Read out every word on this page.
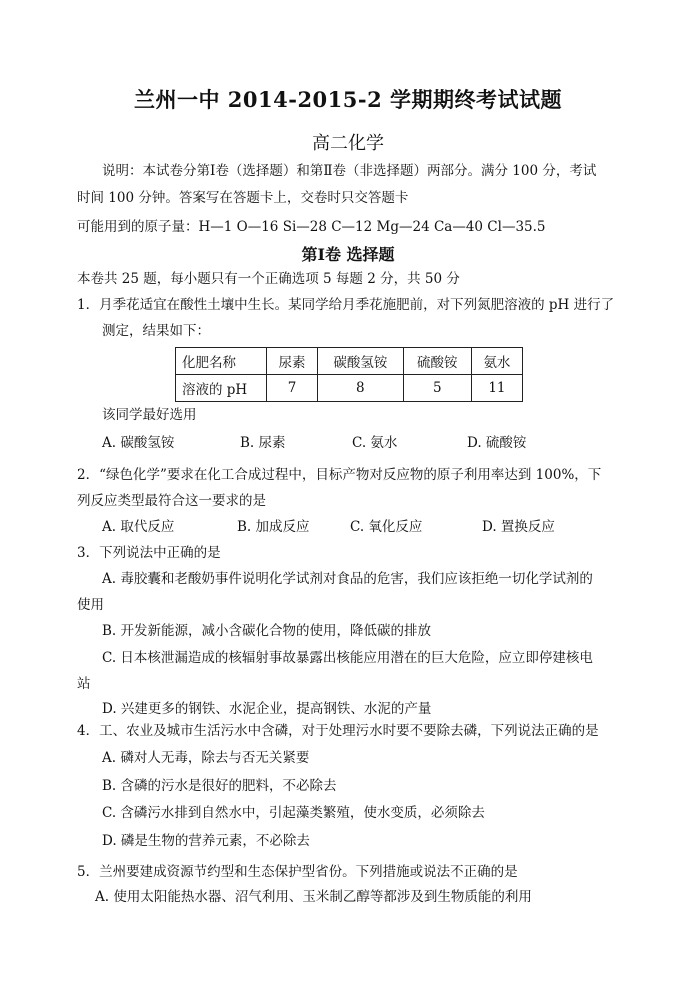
兰州一中 2014-2015-2 学期期终考试试题
高二化学
说明：本试卷分第Ⅰ卷（选择题）和第Ⅱ卷（非选择题）两部分。满分 100 分，考试
时间 100 分钟。答案写在答题卡上，交卷时只交答题卡
可能用到的原子量：H—1 O—16 Si—28 C—12 Mg—24 Ca—40 Cl—35.5
第Ⅰ卷 选择题
本卷共 25 题，每小题只有一个正确选项 5 每题 2 分，共 50 分
1．月季花适宜在酸性土壤中生长。某同学给月季花施肥前，对下列氮肥溶液的 pH 进行了
测定，结果如下：
化肥名称	尿素	碳酸氢铵	硫酸铵	氨水
溶液的 pH	7	8	5	11
该同学最好选用
A. 碳酸氢铵	B. 尿素	C. 氨水	D. 硫酸铵
2．“绿色化学”要求在化工合成过程中，目标产物对反应物的原子利用率达到 100%，下
列反应类型最符合这一要求的是
A. 取代反应	B. 加成反应	C. 氧化反应	D. 置换反应
3．下列说法中正确的是
A. 毒胶囊和老酸奶事件说明化学试剂对食品的危害，我们应该拒绝一切化学试剂的
使用
B. 开发新能源，减小含碳化合物的使用，降低碳的排放
C. 日本核泄漏造成的核辐射事故暴露出核能应用潜在的巨大危险，应立即停建核电
站
D. 兴建更多的钢铁、水泥企业，提高钢铁、水泥的产量
4．工、农业及城市生活污水中含磷，对于处理污水时要不要除去磷，下列说法正确的是
A. 磷对人无毒，除去与否无关紧要
B. 含磷的污水是很好的肥料，不必除去
C. 含磷污水排到自然水中，引起藻类繁殖，使水变质，必须除去
D. 磷是生物的营养元素，不必除去
5．兰州要建成资源节约型和生态保护型省份。下列措施或说法不正确的是
A. 使用太阳能热水器、沼气利用、玉米制乙醇等都涉及到生物质能的利用
